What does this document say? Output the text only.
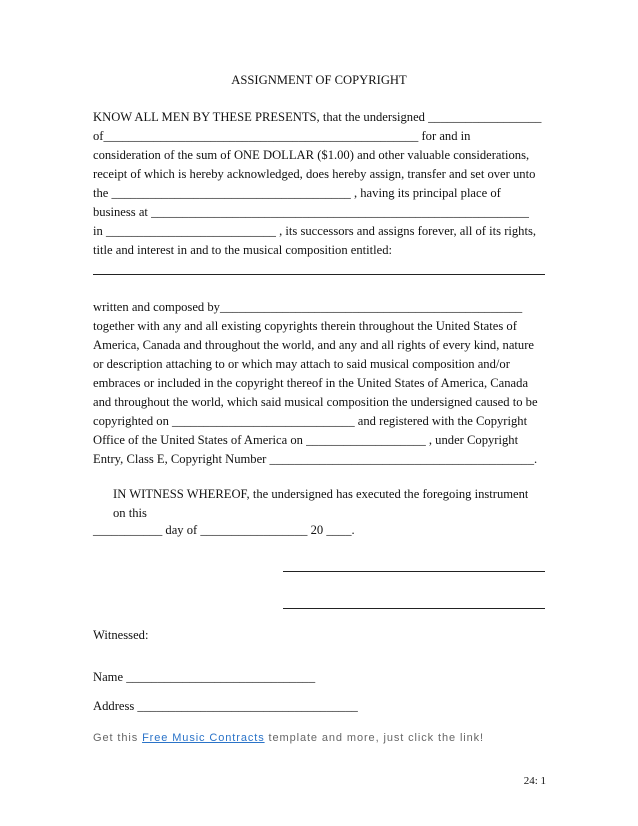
ASSIGNMENT OF COPYRIGHT
KNOW ALL MEN BY THESE PRESENTS, that the undersigned __________________
of__________________________________________________ for and in
consideration of the sum of ONE DOLLAR ($1.00) and other valuable considerations,
receipt of which is hereby acknowledged, does hereby assign, transfer and set over unto
the ______________________________________ , having its principal place of
business at ____________________________________________________________
in ___________________________ , its successors and assigns forever, all of its rights,
title and interest in and to the musical composition entitled:
written and composed by________________________________________________
together with any and all existing copyrights therein throughout the United States of
America, Canada and throughout the world, and any and all rights of every kind, nature
or description attaching to or which may attach to said musical composition and/or
embraces or included in the copyright thereof in the United States of America, Canada
and throughout the world, which said musical composition the undersigned caused to be
copyrighted on _____________________________ and registered with the Copyright
Office of the United States of America on ___________________ , under Copyright
Entry, Class E, Copyright Number __________________________________________.
IN WITNESS WHEREOF, the undersigned has executed the foregoing instrument
on this
___________ day of _________________ 20 ____.
Witnessed:
Name ______________________________
Address ___________________________________
Get this Free Music Contracts template and more, just click the link!
24: 1
